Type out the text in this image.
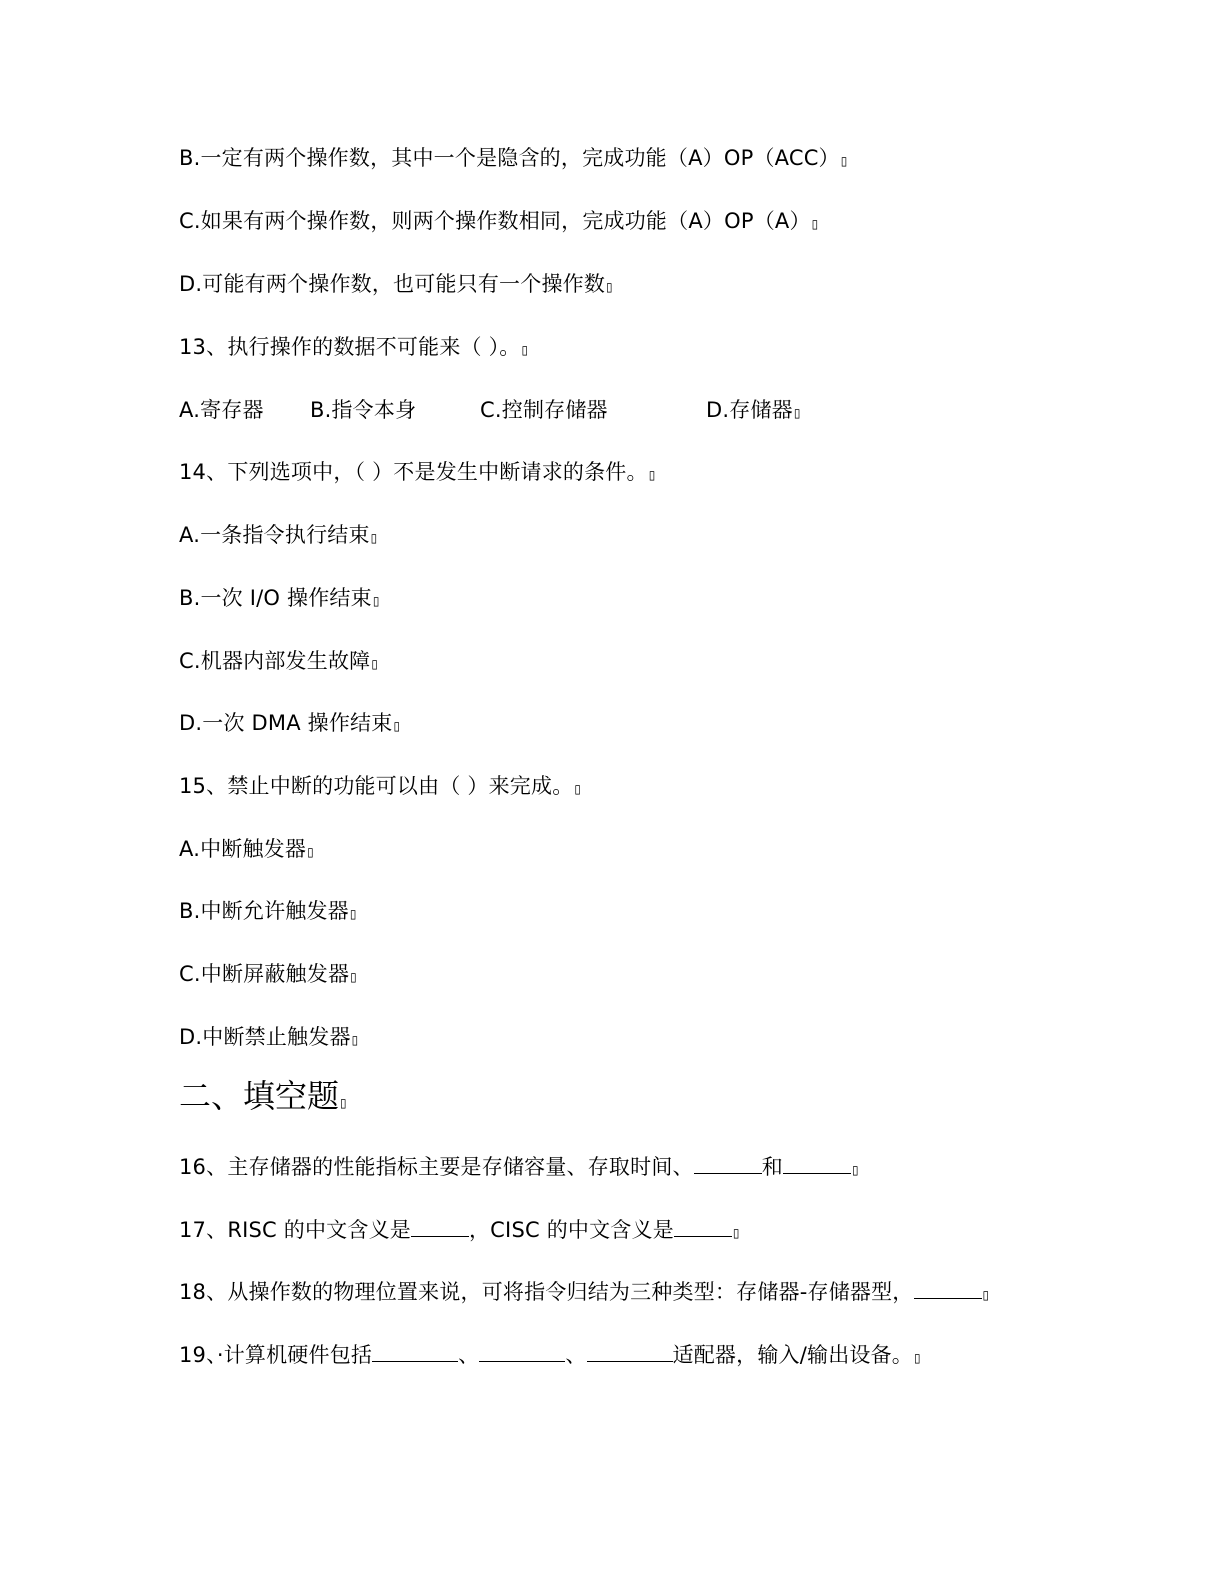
B.一定有两个操作数，其中一个是隐含的，完成功能（A）OP（ACC）▯
C.如果有两个操作数，则两个操作数相同，完成功能（A）OP（A）▯
D.可能有两个操作数，也可能只有一个操作数▯
13、执行操作的数据不可能来（ ）。▯
A.寄存器 B.指令本身	C.控制存储器	D.存储器▯
14、下列选项中，（ ）不是发生中断请求的条件。▯
A.一条指令执行结束▯
B.一次 I/O 操作结束▯
C.机器内部发生故障▯
D.一次 DMA 操作结束▯
15、禁止中断的功能可以由（ ）来完成。▯
A.中断触发器▯
B.中断允许触发器▯
C.中断屏蔽触发器▯
D.中断禁止触发器▯
二、填空题▯
16、主存储器的性能指标主要是存储容量、存取时间、	和	▯
17、RISC 的中文含义是	，CISC 的中文含义是	▯
18、从操作数的物理位置来说，可将指令归结为三种类型：存储器-存储器型，	▯
19、·计算机硬件包括	、	、	适配器，输入/输出设备。▯
